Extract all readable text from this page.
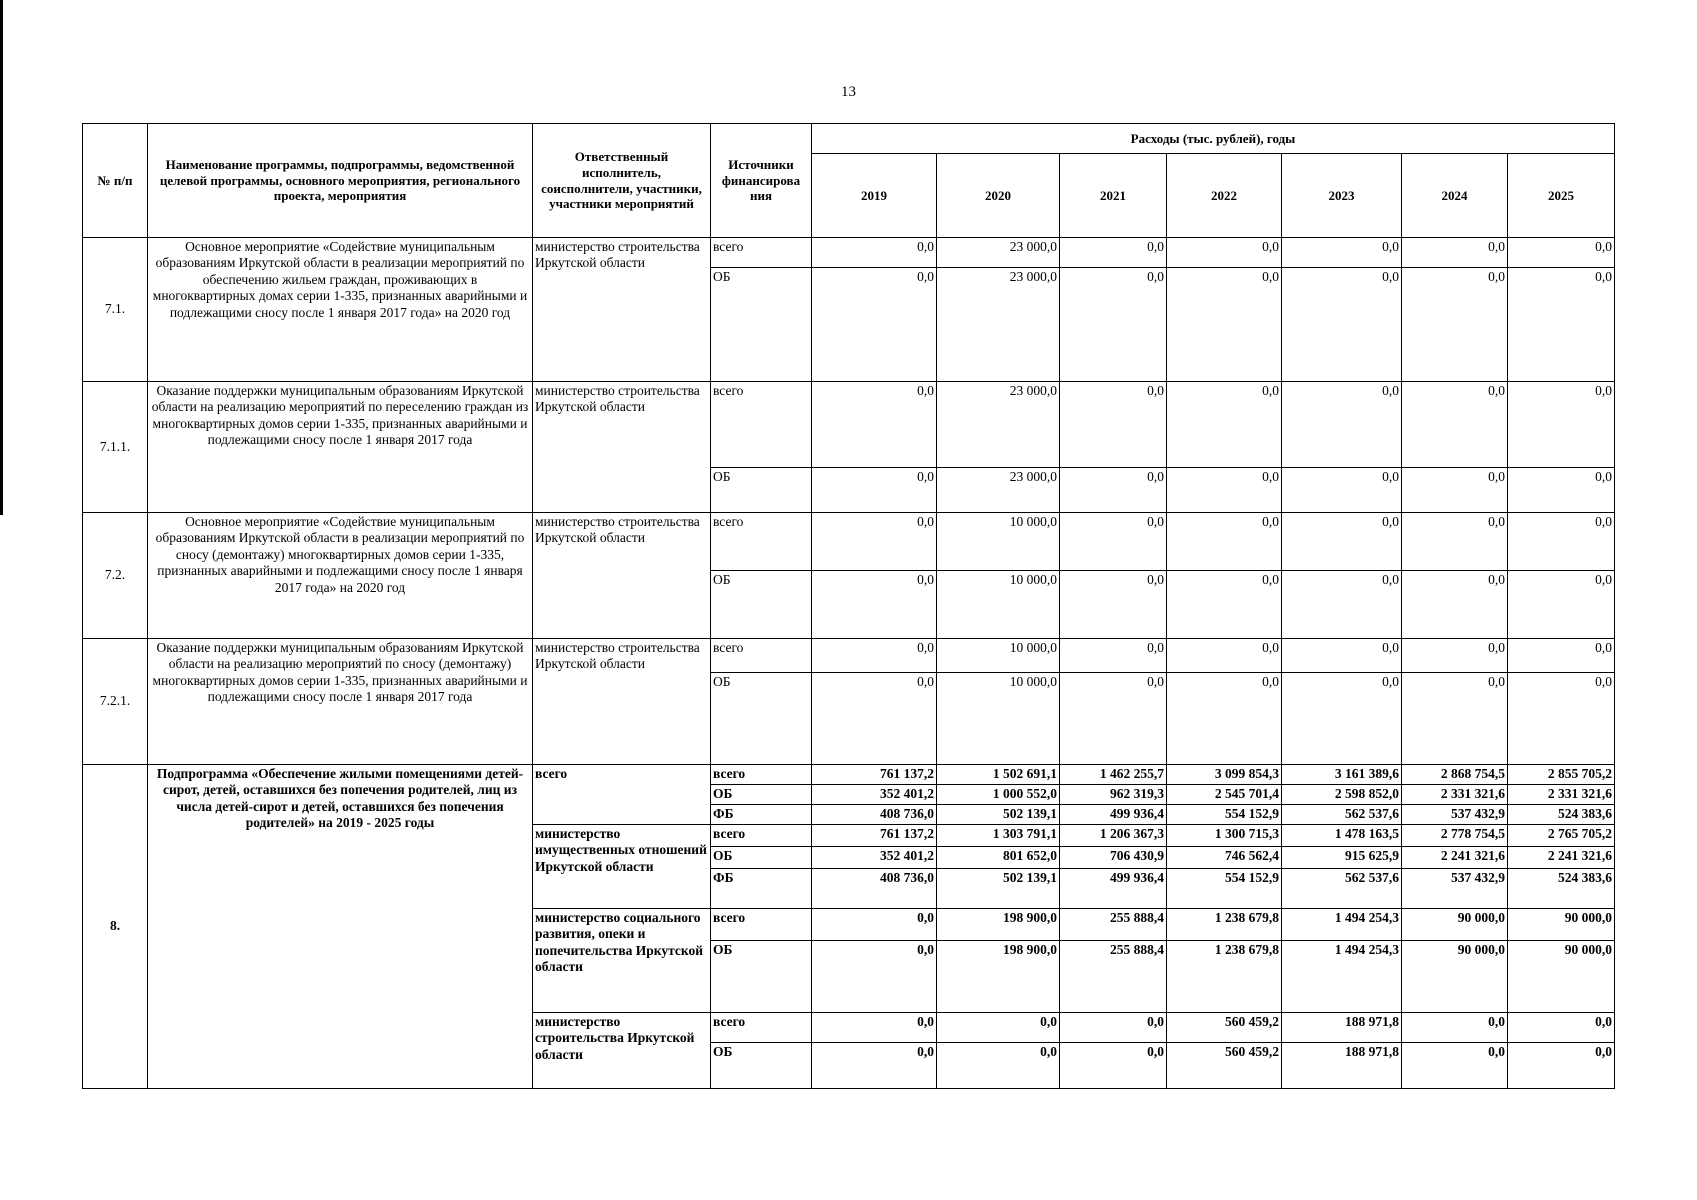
13
№ п/п	Наименование программы, подпрограммы, ведомственной целевой программы, основного мероприятия, регионального проекта, мероприятия	Ответственный исполнитель, соисполнители, участники, участники мероприятий	Источники финансирова ния	Расходы (тыс. рублей), годы						
				2019	2020	2021	2022	2023	2024	2025
7.1.	Основное мероприятие «Содействие муниципальным образованиям Иркутской области в реализации мероприятий по обеспечению жильем граждан, проживающих в многоквартирных домах серии 1-335, признанных аварийными и подлежащими сносу после 1 января 2017 года» на 2020 год	министерство строительства Иркутской области	всего	0,0	23 000,0	0,0	0,0	0,0	0,0	0,0
			ОБ	0,0	23 000,0	0,0	0,0	0,0	0,0	0,0
7.1.1.	Оказание поддержки муниципальным образованиям Иркутской области на реализацию мероприятий по переселению граждан из многоквартирных домов серии 1-335, признанных аварийными и подлежащими сносу после 1 января 2017 года	министерство строительства Иркутской области	всего	0,0	23 000,0	0,0	0,0	0,0	0,0	0,0
			ОБ	0,0	23 000,0	0,0	0,0	0,0	0,0	0,0
7.2.	Основное мероприятие «Содействие муниципальным образованиям Иркутской области в реализации мероприятий по сносу (демонтажу) многоквартирных домов серии 1-335, признанных аварийными и подлежащими сносу после 1 января 2017 года» на 2020 год	министерство строительства Иркутской области	всего	0,0	10 000,0	0,0	0,0	0,0	0,0	0,0
			ОБ	0,0	10 000,0	0,0	0,0	0,0	0,0	0,0
7.2.1.	Оказание поддержки муниципальным образованиям Иркутской области на реализацию мероприятий по сносу (демонтажу) многоквартирных домов серии 1-335, признанных аварийными и подлежащими сносу после 1 января 2017 года	министерство строительства Иркутской области	всего	0,0	10 000,0	0,0	0,0	0,0	0,0	0,0
			ОБ	0,0	10 000,0	0,0	0,0	0,0	0,0	0,0
8.	Подпрограмма «Обеспечение жилыми помещениями детей-сирот, детей, оставшихся без попечения родителей, лиц из числа детей-сирот и детей, оставшихся без попечения родителей» на 2019 - 2025 годы	всего	всего	761 137,2	1 502 691,1	1 462 255,7	3 099 854,3	3 161 389,6	2 868 754,5	2 855 705,2
			ОБ	352 401,2	1 000 552,0	962 319,3	2 545 701,4	2 598 852,0	2 331 321,6	2 331 321,6
			ФБ	408 736,0	502 139,1	499 936,4	554 152,9	562 537,6	537 432,9	524 383,6
		министерство имущественных отношений Иркутской области	всего	761 137,2	1 303 791,1	1 206 367,3	1 300 715,3	1 478 163,5	2 778 754,5	2 765 705,2
			ОБ	352 401,2	801 652,0	706 430,9	746 562,4	915 625,9	2 241 321,6	2 241 321,6
			ФБ	408 736,0	502 139,1	499 936,4	554 152,9	562 537,6	537 432,9	524 383,6
		министерство социального развития, опеки и попечительства Иркутской области	всего	0,0	198 900,0	255 888,4	1 238 679,8	1 494 254,3	90 000,0	90 000,0
			ОБ	0,0	198 900,0	255 888,4	1 238 679,8	1 494 254,3	90 000,0	90 000,0
		министерство строительства Иркутской области	всего	0,0	0,0	0,0	560 459,2	188 971,8	0,0	0,0
			ОБ	0,0	0,0	0,0	560 459,2	188 971,8	0,0	0,0
